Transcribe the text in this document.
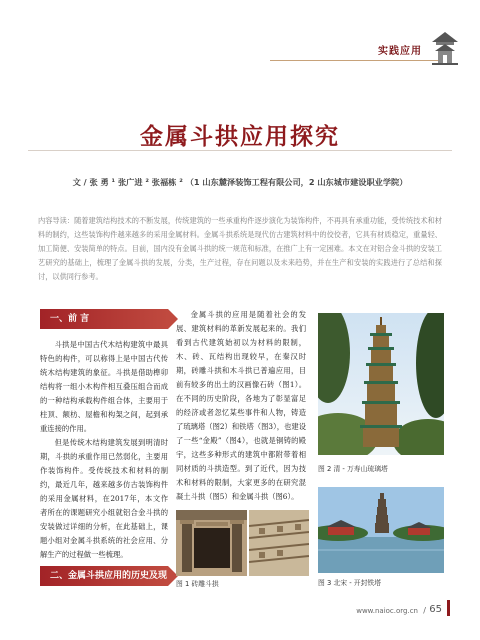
实践应用
金属斗拱应用探究
文 / 张 勇 ¹ 张广进 ² 张福栋 ² （1 山东麓泽装饰工程有限公司，2 山东城市建设职业学院）
内容导读：随着建筑结构技术的不断发展，传统建筑的一些承重构件逐步演化为装饰构件，不再具有承重功能，受传统技术和材料的制约，这些装饰构件越来越多的采用金属材料。金属斗拱系统是现代仿古建筑材料中的佼佼者，它具有材质稳定，重量轻、加工简便、安装简单的特点。目前，国内没有金属斗拱的统一规范和标准，在推广上有一定困难。本文在对铝合金斗拱的安装工艺研究的基础上，梳理了金属斗拱的发展，分类，生产过程，存在问题以及未来趋势，并在生产和安装的实践进行了总结和探讨，以供同行参考。
一、前 言

斗拱是中国古代木结构建筑中最具特色的构件，可以称得上是中国古代传统木结构建筑的象征。斗拱是借助榫卯结构将一组小木构件相互叠压组合而成的一种结构承载构件组合体，主要用于柱顶、额枋、屋檐和构架之间，起到承重连接的作用。

但是传统木结构建筑发展到明清时期，斗拱的承重作用已然弱化，主要用作装饰构件。受传统技术和材料的制约，最近几年，越来越多仿古装饰构件的采用金属材料，在2017年，本文作者所在的课题研究小组就铝合金斗拱的安装做过详细的分析，在此基础上，课题小组对金属斗拱系统的社会应用、分解生产的过程做一些梳理。

二、金属斗拱应用的历史及现状

金属斗拱的应用是随着社会的发展、建筑材料的革新发展起来的。我们看到古代建筑始初以为材料的限制，木、砖、瓦结构出现较早，在秦汉时期，砖雕斗拱和木斗拱已普遍应用，目前有较多的出土的汉画像石砖（图1）。在不同的历史阶段，各地为了彰显富足的经济或者忽忆某些事件和人物，铸造了琉璃塔（图2）和铁塔（图3），也建设了一些“金殿”（图4），也就是铜铸的殿宇，这些多种形式的建筑中都附带着相同材质的斗拱造型。到了近代，因为技术和材料的限制，大家更多的在研究混凝土斗拱（图5）和金属斗拱（图6）。

图 2 清 - 万寿山琉璃塔
图 3 北宋 - 开封铁塔
图 1 砖雕斗拱
www.naioc.org.cn / 65
